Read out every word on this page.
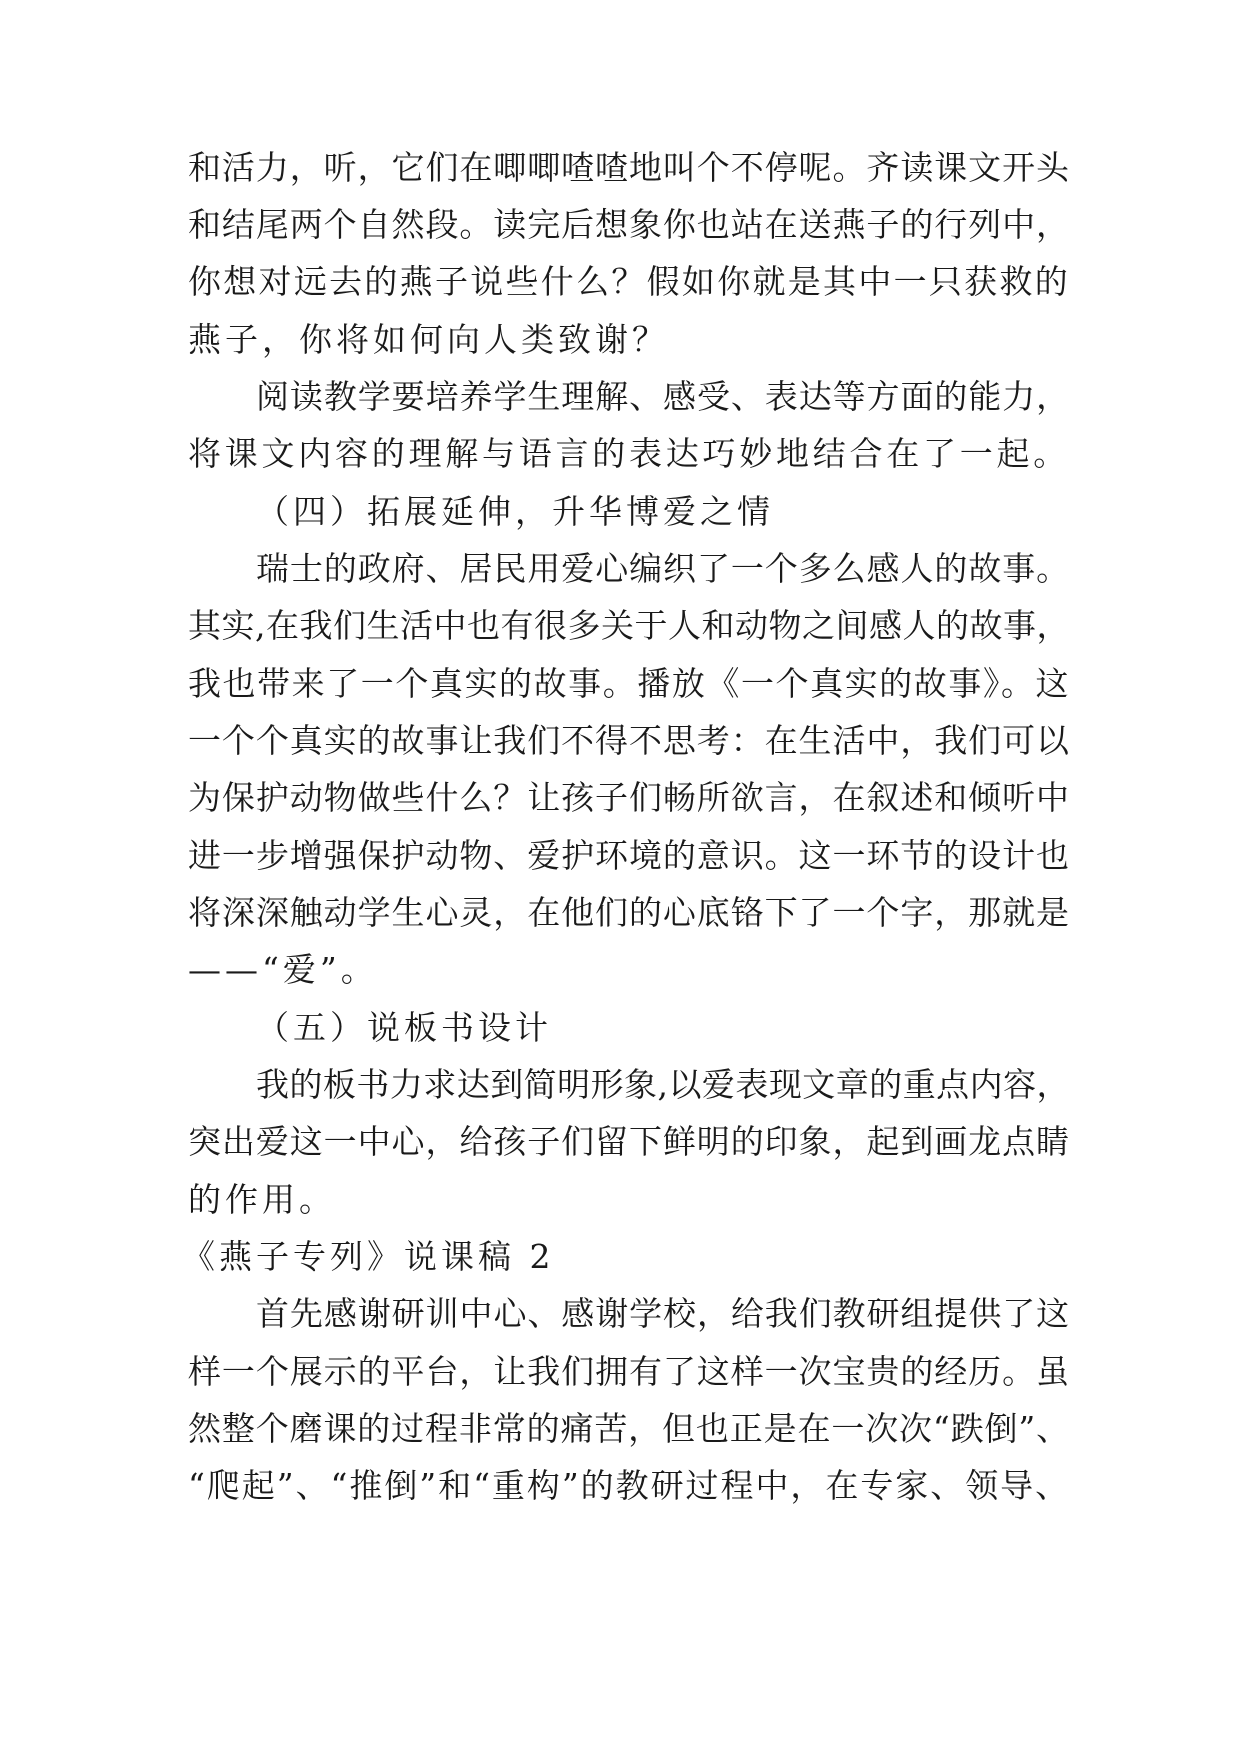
和活力，听，它们在唧唧喳喳地叫个不停呢。齐读课文开头
和结尾两个自然段。读完后想象你也站在送燕子的行列中，
你想对远去的燕子说些什么？假如你就是其中一只获救的
燕子，你将如何向人类致谢？
阅读教学要培养学生理解、感受、表达等方面的能力，
将课文内容的理解与语言的表达巧妙地结合在了一起。
（四）拓展延伸，升华博爱之情
瑞士的政府、居民用爱心编织了一个多么感人的故事。
其实,在我们生活中也有很多关于人和动物之间感人的故事，
我也带来了一个真实的故事。播放《一个真实的故事》。这
一个个真实的故事让我们不得不思考：在生活中，我们可以
为保护动物做些什么？让孩子们畅所欲言，在叙述和倾听中
进一步增强保护动物、爱护环境的意识。这一环节的设计也
将深深触动学生心灵，在他们的心底铬下了一个字，那就是
——“爱”。
（五）说板书设计
我的板书力求达到简明形象,以爱表现文章的重点内容，
突出爱这一中心，给孩子们留下鲜明的印象，起到画龙点睛
的作用。
《燕子专列》说课稿 2
首先感谢研训中心、感谢学校，给我们教研组提供了这
样一个展示的平台，让我们拥有了这样一次宝贵的经历。虽
然整个磨课的过程非常的痛苦，但也正是在一次次“跌倒”、
“爬起”、“推倒”和“重构”的教研过程中，在专家、领导、
